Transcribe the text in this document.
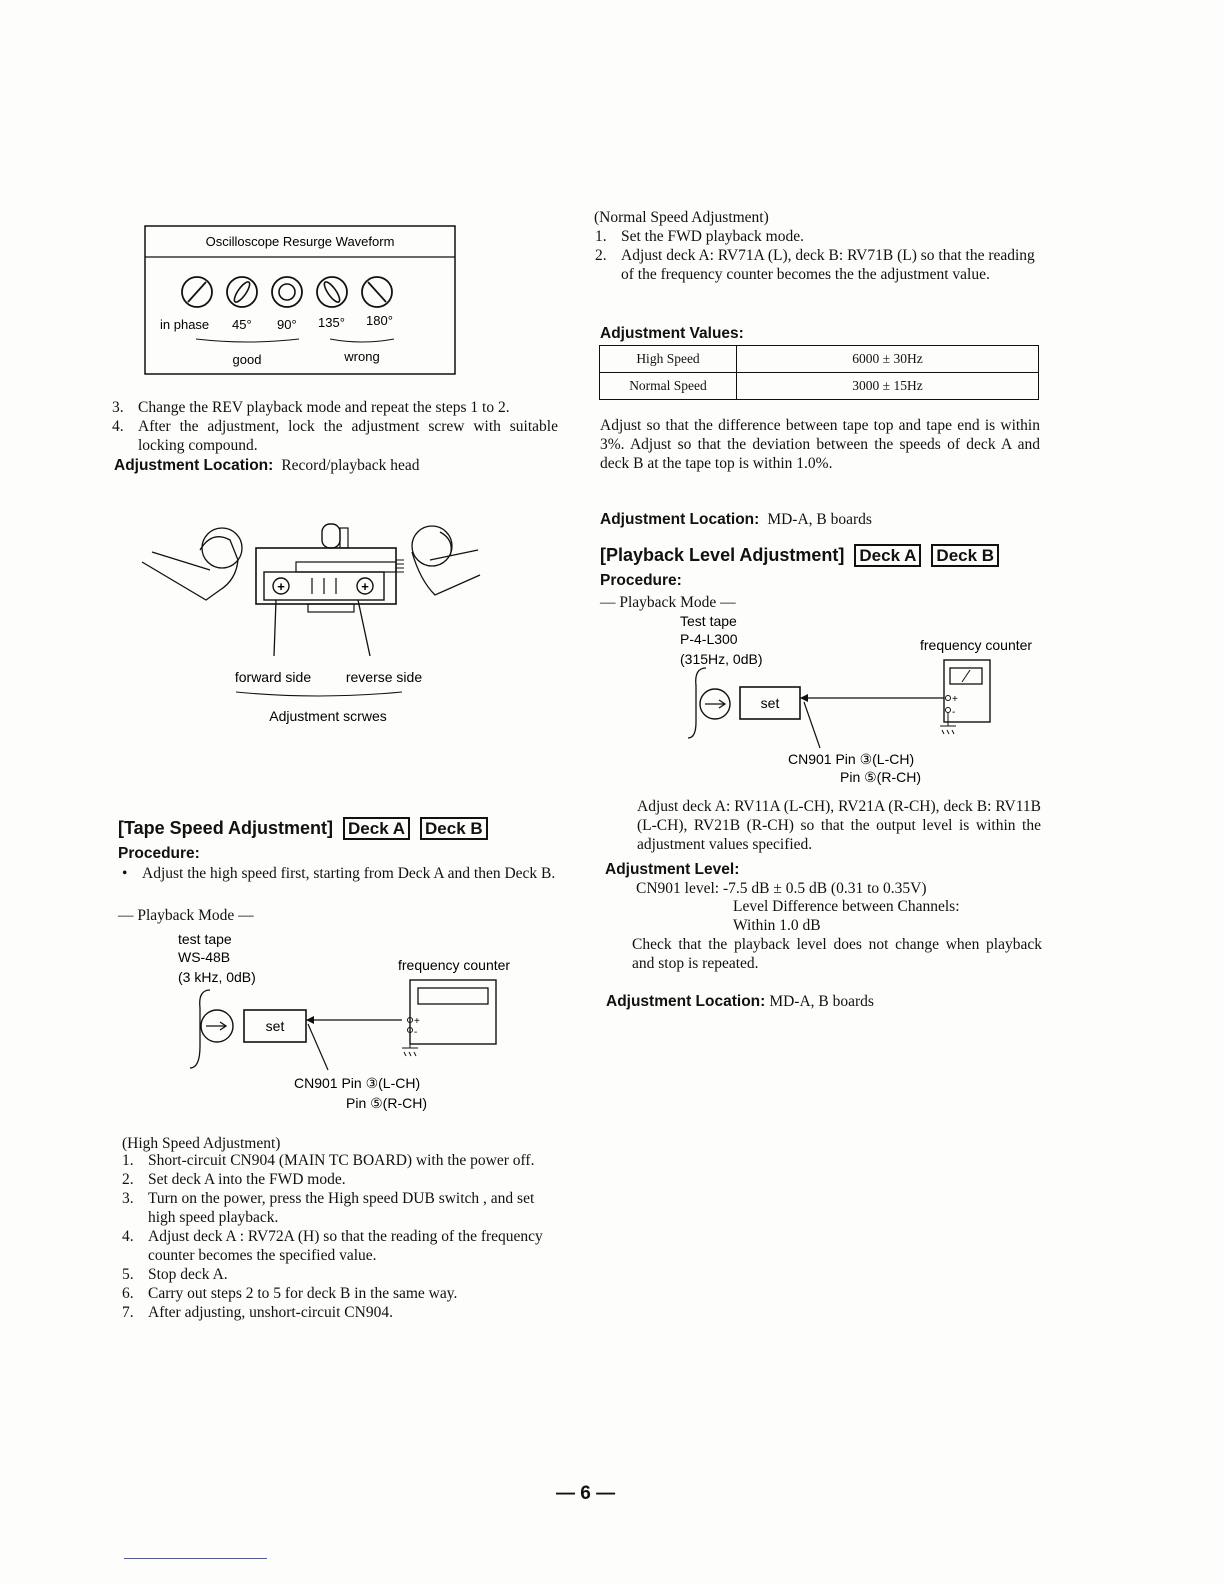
Oscilloscope Resurge Waveform
in phase 45° 90° 135° 180°
good	wrong
3. Change the REV playback mode and repeat the steps 1 to 2.
4. After the adjustment, lock the adjustment screw with suitable locking compound.
Adjustment Location: Record/playback head
+	+
forward side reverse side
Adjustment scrwes
[Tape Speed Adjustment] Deck A Deck B
Procedure:
• Adjust the high speed first, starting from Deck A and then Deck B.
— Playback Mode —
test tape
WS-48B
(3 kHz, 0dB)
frequency counter
set	+
-
CN901 Pin ③(L-CH)
Pin ⑤(R-CH)
(High Speed Adjustment)
1. Short-circuit CN904 (MAIN TC BOARD) with the power off.
2. Set deck A into the FWD mode.
3. Turn on the power, press the High speed DUB switch , and set high speed playback.
4. Adjust deck A : RV72A (H) so that the reading of the frequency counter becomes the specified value.
5. Stop deck A.
6. Carry out steps 2 to 5 for deck B in the same way.
7. After adjusting, unshort-circuit CN904.
(Normal Speed Adjustment)
1. Set the FWD playback mode.
2. Adjust deck A: RV71A (L), deck B: RV71B (L) so that the reading of the frequency counter becomes the the adjustment value.
Adjustment Values:
High Speed	6000 ± 30Hz
Normal Speed	3000 ± 15Hz
Adjust so that the difference between tape top and tape end is within 3%. Adjust so that the deviation between the speeds of deck A and deck B at the tape top is within 1.0%.
Adjustment Location: MD-A, B boards
[Playback Level Adjustment] Deck A Deck B
Procedure:
— Playback Mode —
Test tape
P-4-L300
(315Hz, 0dB)
frequency counter
set	+
-
CN901 Pin ③(L-CH)
Pin ⑤(R-CH)
Adjust deck A: RV11A (L-CH), RV21A (R-CH), deck B: RV11B (L-CH), RV21B (R-CH) so that the output level is within the adjustment values specified.
Adjustment Level:
CN901 level: -7.5 dB ± 0.5 dB (0.31 to 0.35V)
Level Difference between Channels:
Within 1.0 dB
Check that the playback level does not change when playback and stop is repeated.
Adjustment Location: MD-A, B boards
— 6 —
